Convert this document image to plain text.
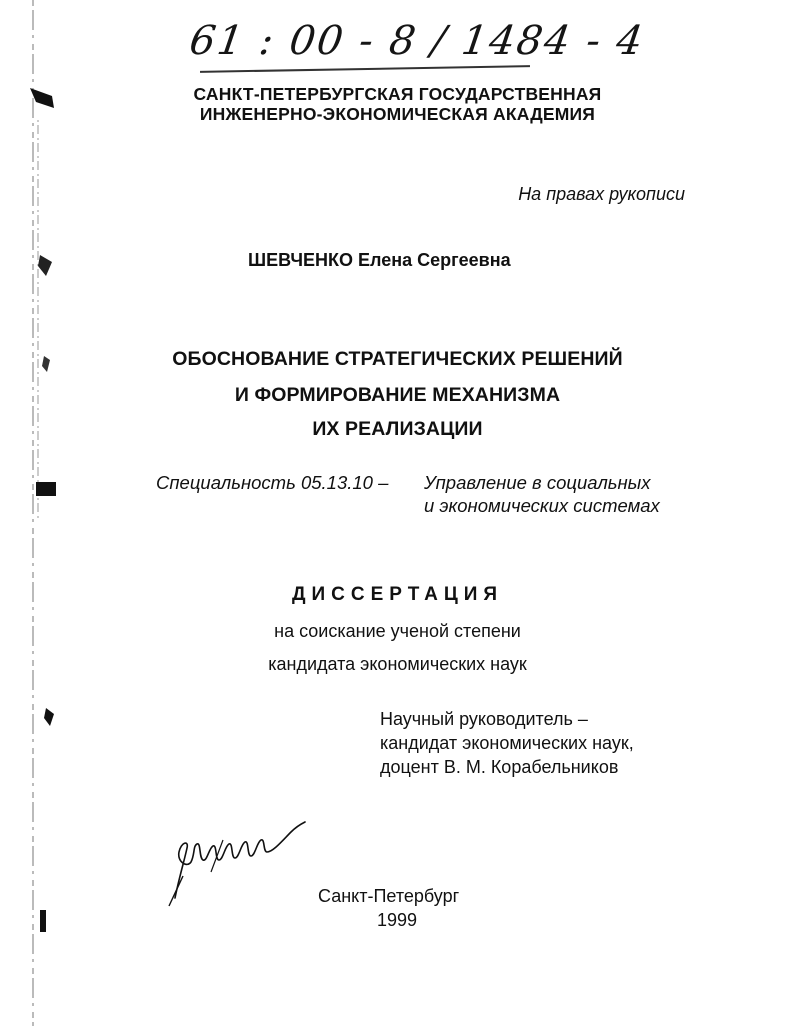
61 : 00 - 8 / 1484 - 4
САНКТ-ПЕТЕРБУРГСКАЯ ГОСУДАРСТВЕННАЯ
ИНЖЕНЕРНО-ЭКОНОМИЧЕСКАЯ АКАДЕМИЯ
На правах рукописи
ШЕВЧЕНКО Елена Сергеевна
ОБОСНОВАНИЕ СТРАТЕГИЧЕСКИХ РЕШЕНИЙ
И ФОРМИРОВАНИЕ МЕХАНИЗМА
ИХ РЕАЛИЗАЦИИ
Специальность 05.13.10 – Управление в социальных
и экономических системах
ДИССЕРТАЦИЯ
на соискание ученой степени
кандидата экономических наук
Научный руководитель –
кандидат экономических наук,
доцент В. М. Корабельников
Санкт-Петербург
1999
